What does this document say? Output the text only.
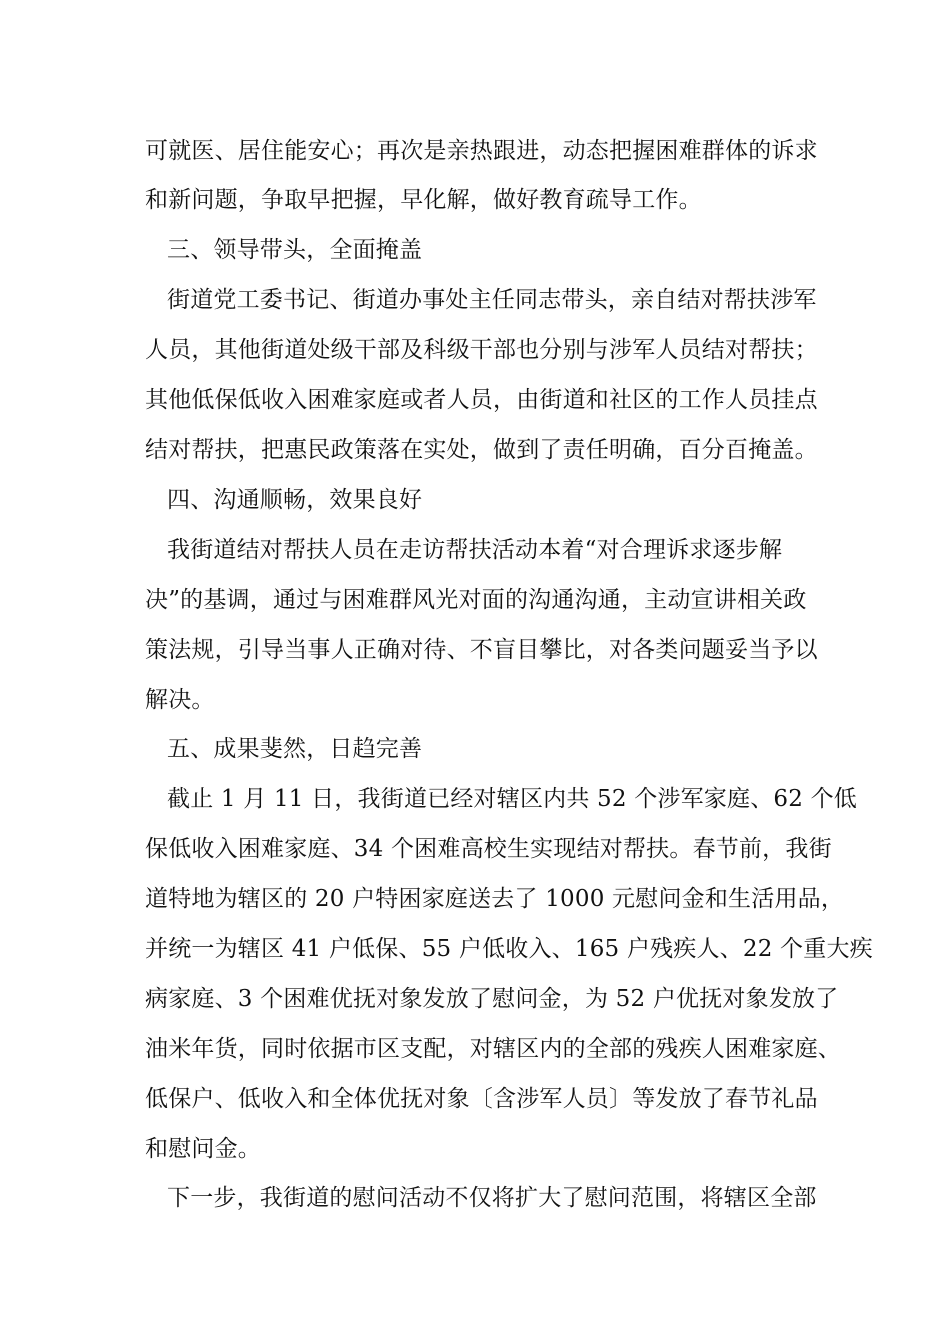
可就医、居住能安心；再次是亲热跟进，动态把握困难群体的诉求
和新问题，争取早把握，早化解，做好教育疏导工作。
三、领导带头，全面掩盖
街道党工委书记、街道办事处主任同志带头，亲自结对帮扶涉军
人员，其他街道处级干部及科级干部也分别与涉军人员结对帮扶；
其他低保低收入困难家庭或者人员，由街道和社区的工作人员挂点
结对帮扶，把惠民政策落在实处，做到了责任明确，百分百掩盖。
四、沟通顺畅，效果良好
我街道结对帮扶人员在走访帮扶活动本着“对合理诉求逐步解
决”的基调，通过与困难群风光对面的沟通沟通，主动宣讲相关政
策法规，引导当事人正确对待、不盲目攀比，对各类问题妥当予以
解决。
五、成果斐然，日趋完善
截止 1 月 11 日，我街道已经对辖区内共 52 个涉军家庭、62 个低
保低收入困难家庭、34 个困难高校生实现结对帮扶。春节前，我街
道特地为辖区的 20 户特困家庭送去了 1000 元慰问金和生活用品，
并统一为辖区 41 户低保、55 户低收入、165 户残疾人、22 个重大疾
病家庭、3 个困难优抚对象发放了慰问金，为 52 户优抚对象发放了
油米年货，同时依据市区支配，对辖区内的全部的残疾人困难家庭、
低保户、低收入和全体优抚对象〔含涉军人员〕等发放了春节礼品
和慰问金。
下一步，我街道的慰问活动不仅将扩大了慰问范围，将辖区全部
